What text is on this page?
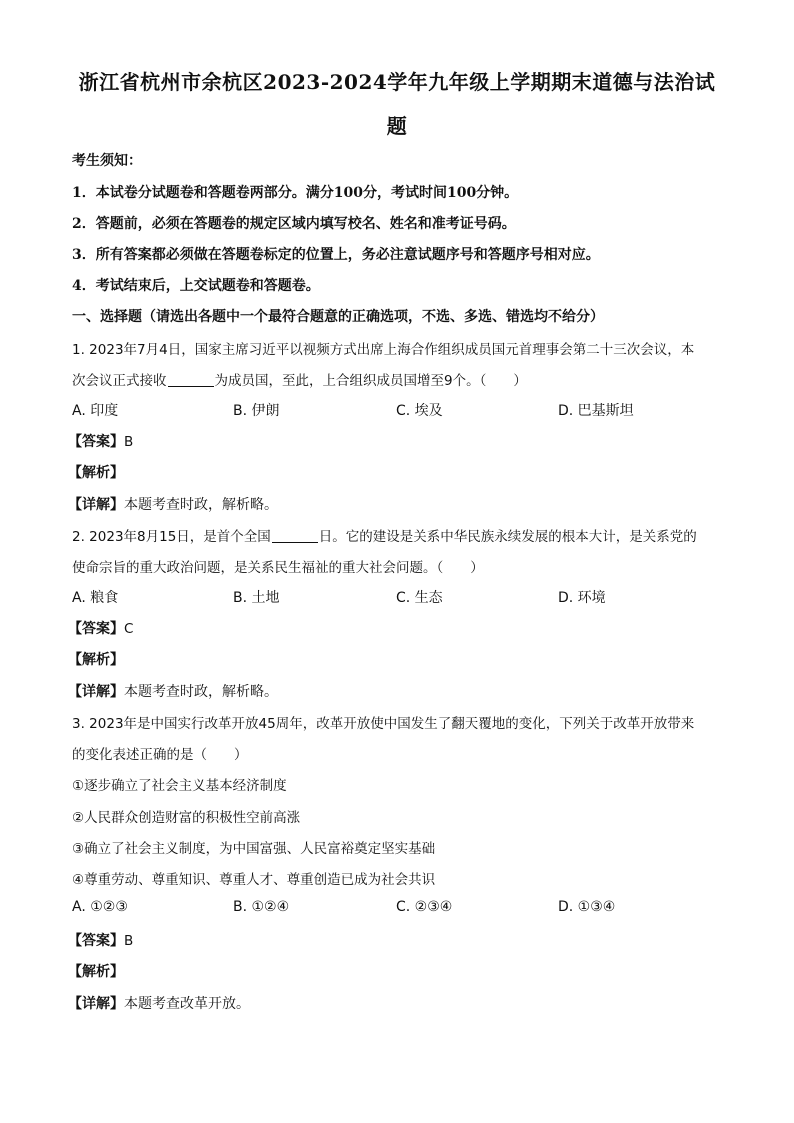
浙江省杭州市余杭区2023-2024学年九年级上学期期末道德与法治试
题
考生须知：
1．本试卷分试题卷和答题卷两部分。满分100分，考试时间100分钟。
2．答题前，必须在答题卷的规定区域内填写校名、姓名和准考证号码。
3．所有答案都必须做在答题卷标定的位置上，务必注意试题序号和答题序号相对应。
4．考试结束后，上交试题卷和答题卷。
一、选择题（请选出各题中一个最符合题意的正确选项，不选、多选、错选均不给分）
1. 2023年7月4日，国家主席习近平以视频方式出席上海合作组织成员国元首理事会第二十三次会议，本
次会议正式接收	为成员国，至此，上合组织成员国增至9个。（　　）
A. 印度	B. 伊朗	C. 埃及	D. 巴基斯坦
【答案】B
【解析】
【详解】本题考查时政，解析略。
2. 2023年8月15日，是首个全国	日。它的建设是关系中华民族永续发展的根本大计，是关系党的
使命宗旨的重大政治问题，是关系民生福祉的重大社会问题。（　　）
A. 粮食	B. 土地	C. 生态	D. 环境
【答案】C
【解析】
【详解】本题考查时政，解析略。
3. 2023年是中国实行改革开放45周年，改革开放使中国发生了翻天覆地的变化，下列关于改革开放带来
的变化表述正确的是（　　）
①逐步确立了社会主义基本经济制度
②人民群众创造财富的积极性空前高涨
③确立了社会主义制度，为中国富强、人民富裕奠定坚实基础
④尊重劳动、尊重知识、尊重人才、尊重创造已成为社会共识
A. ①②③	B. ①②④	C. ②③④	D. ①③④
【答案】B
【解析】
【详解】本题考查改革开放。
